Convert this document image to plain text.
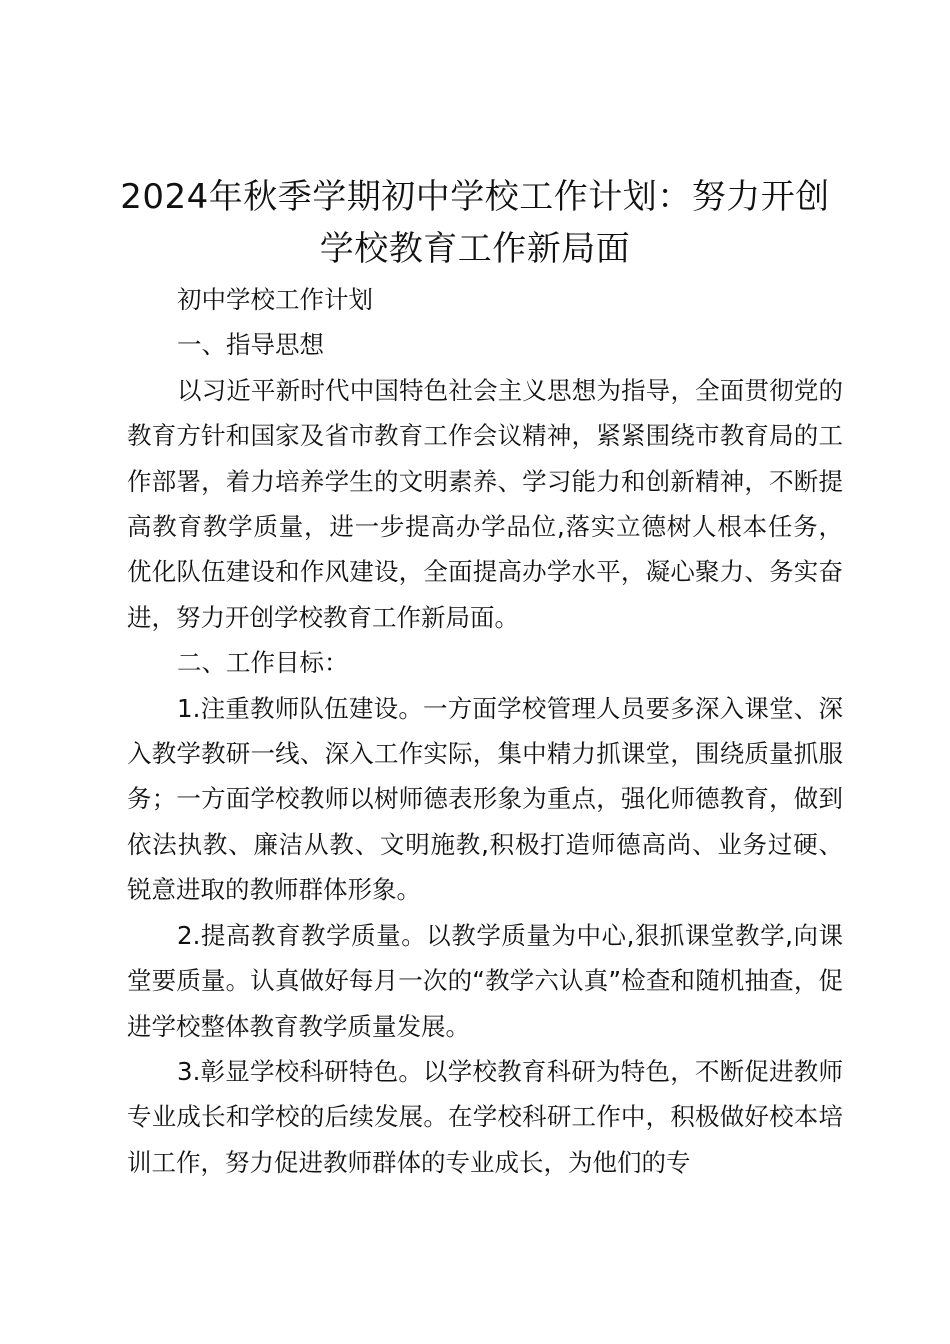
2024年秋季学期初中学校工作计划：努力开创学校教育工作新局面

初中学校工作计划

一、指导思想

以习近平新时代中国特色社会主义思想为指导，全面贯彻党的教育方针和国家及省市教育工作会议精神，紧紧围绕市教育局的工作部署，着力培养学生的文明素养、学习能力和创新精神，不断提高教育教学质量，进一步提高办学品位,落实立德树人根本任务，优化队伍建设和作风建设，全面提高办学水平，凝心聚力、务实奋进，努力开创学校教育工作新局面。

二、工作目标：

1.注重教师队伍建设。一方面学校管理人员要多深入课堂、深入教学教研一线、深入工作实际，集中精力抓课堂，围绕质量抓服务；一方面学校教师以树师德表形象为重点，强化师德教育，做到依法执教、廉洁从教、文明施教,积极打造师德高尚、业务过硬、锐意进取的教师群体形象。

2.提高教育教学质量。以教学质量为中心,狠抓课堂教学,向课堂要质量。认真做好每月一次的“教学六认真”检查和随机抽查，促进学校整体教育教学质量发展。

3.彰显学校科研特色。以学校教育科研为特色，不断促进教师专业成长和学校的后续发展。在学校科研工作中，积极做好校本培训工作，努力促进教师群体的专业成长，为他们的专
